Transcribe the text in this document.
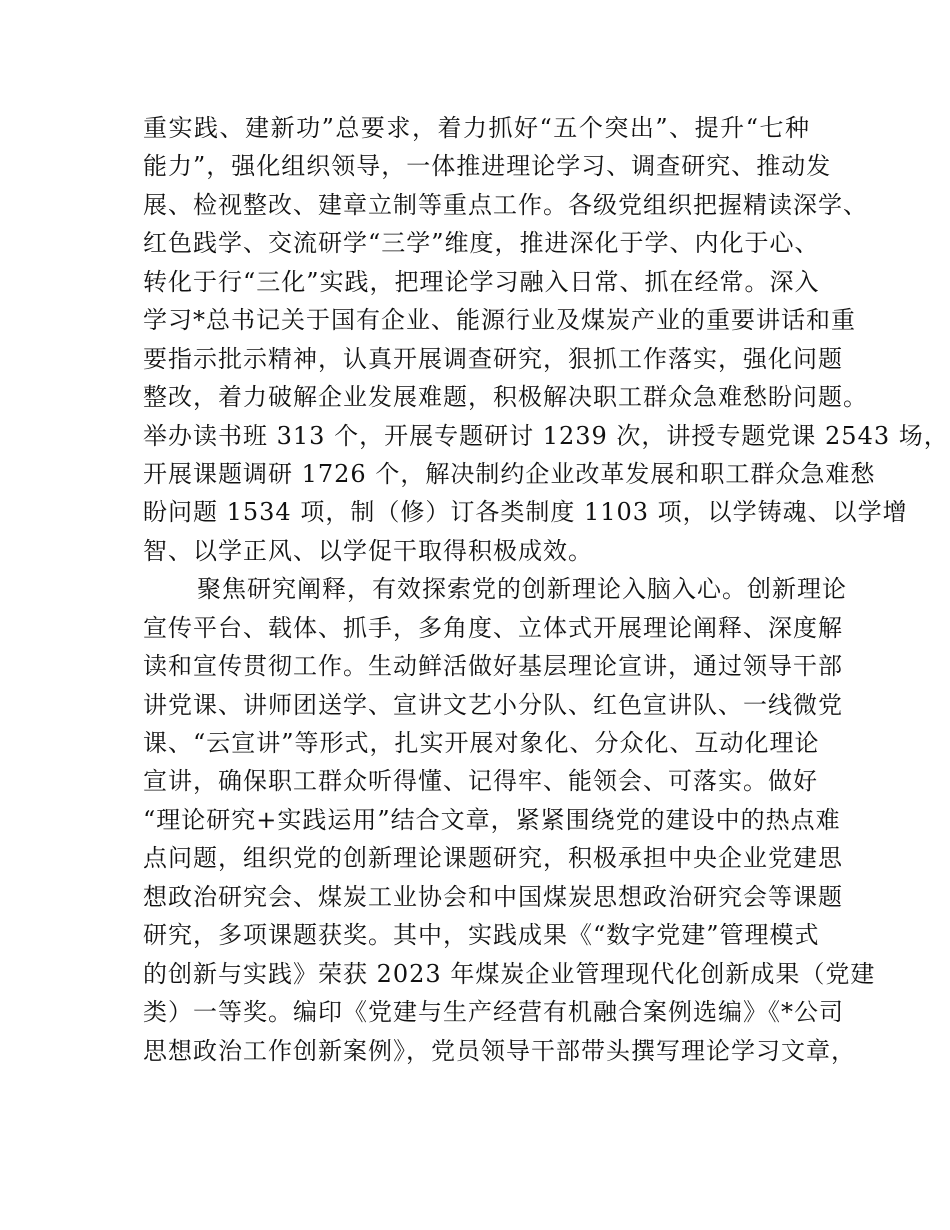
重实践、建新功”总要求，着力抓好“五个突出”、提升“七种
能力”，强化组织领导，一体推进理论学习、调查研究、推动发
展、检视整改、建章立制等重点工作。各级党组织把握精读深学、
红色践学、交流研学“三学”维度，推进深化于学、内化于心、
转化于行“三化”实践，把理论学习融入日常、抓在经常。深入
学习*总书记关于国有企业、能源行业及煤炭产业的重要讲话和重
要指示批示精神，认真开展调查研究，狠抓工作落实，强化问题
整改，着力破解企业发展难题，积极解决职工群众急难愁盼问题。
举办读书班 313 个，开展专题研讨 1239 次，讲授专题党课 2543 场，
开展课题调研 1726 个，解决制约企业改革发展和职工群众急难愁
盼问题 1534 项，制（修）订各类制度 1103 项，以学铸魂、以学增
智、以学正风、以学促干取得积极成效。
聚焦研究阐释，有效探索党的创新理论入脑入心。创新理论
宣传平台、载体、抓手，多角度、立体式开展理论阐释、深度解
读和宣传贯彻工作。生动鲜活做好基层理论宣讲，通过领导干部
讲党课、讲师团送学、宣讲文艺小分队、红色宣讲队、一线微党
课、“云宣讲”等形式，扎实开展对象化、分众化、互动化理论
宣讲，确保职工群众听得懂、记得牢、能领会、可落实。做好
“理论研究+实践运用”结合文章，紧紧围绕党的建设中的热点难
点问题，组织党的创新理论课题研究，积极承担中央企业党建思
想政治研究会、煤炭工业协会和中国煤炭思想政治研究会等课题
研究，多项课题获奖。其中，实践成果《“数字党建”管理模式
的创新与实践》荣获 2023 年煤炭企业管理现代化创新成果（党建
类）一等奖。编印《党建与生产经营有机融合案例选编》《*公司
思想政治工作创新案例》，党员领导干部带头撰写理论学习文章，
